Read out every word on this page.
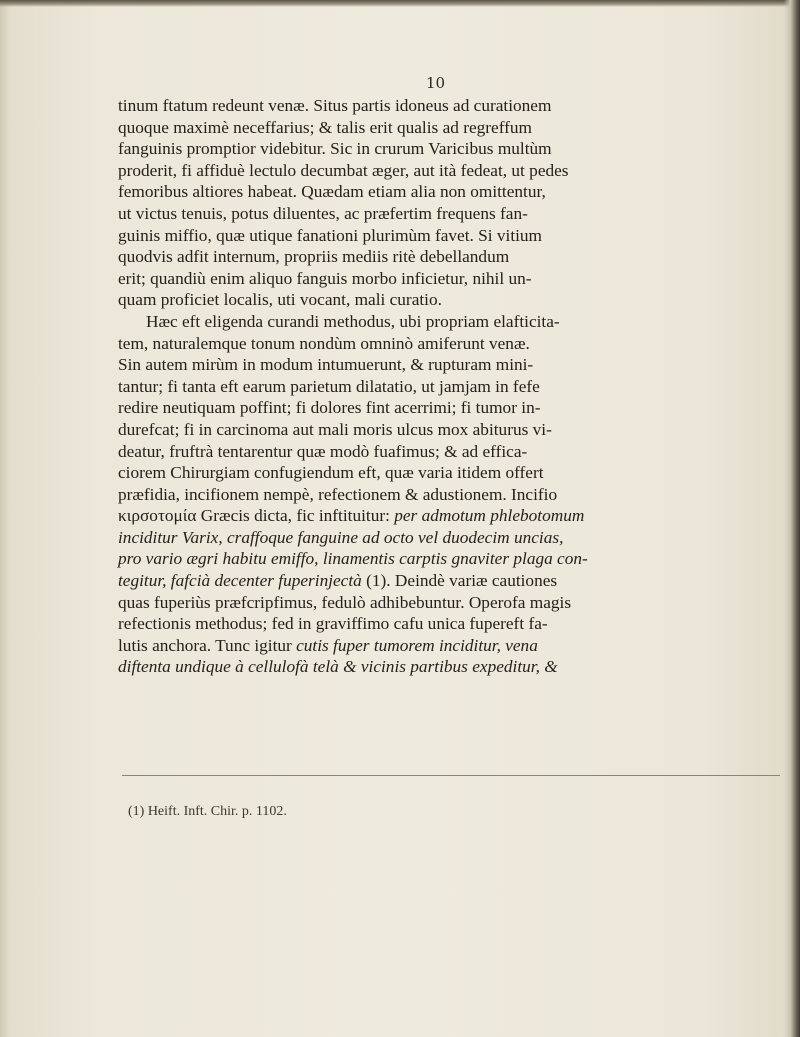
10
tinum ftatum redeunt venæ. Situs partis idoneus ad curationem
quoque maximè neceffarius; & talis erit qualis ad regreffum
fanguinis promptior videbitur. Sic in crurum Varicibus multùm
proderit, fi affiduè lectulo decumbat æger, aut ità fedeat, ut pedes
femoribus altiores habeat. Quædam etiam alia non omittentur,
ut victus tenuis, potus diluentes, ac præfertim frequens fan-
guinis miffio, quæ utique fanationi plurimùm favet. Si vitium
quodvis adfit internum, propriis mediis ritè debellandum
erit; quandiù enim aliquo fanguis morbo inficietur, nihil un-
quam proficiet localis, uti vocant, mali curatio.
Hæc eft eligenda curandi methodus, ubi propriam elafticita-
tem, naturalemque tonum nondùm omninò amiferunt venæ.
Sin autem mirùm in modum intumuerunt, & rupturam mini-
tantur; fi tanta eft earum parietum dilatatio, ut jamjam in fefe
redire neutiquam poffint; fi dolores fint acerrimi; fi tumor in-
durefcat; fi in carcinoma aut mali moris ulcus mox abiturus vi-
deatur, fruftrà tentarentur quæ modò fuafimus; & ad effica-
ciorem Chirurgiam confugiendum eft, quæ varia itidem offert
præfidia, incifionem nempè, refectionem & adustionem. Incifio
κιρσοτομία Græcis dicta, fic inftituitur: per admotum phlebotomum
inciditur Varix, craffoque fanguine ad octo vel duodecim uncias,
pro vario ægri habitu emiffo, linamentis carptis gnaviter plaga con-
tegitur, fafcià decenter fuperinjectà (1). Deindè variæ cautiones
quas fuperiùs præfcripfimus, fedulò adhibebuntur. Operofa magis
refectionis methodus; fed in graviffimo cafu unica fupereft fa-
lutis anchora. Tunc igitur cutis fuper tumorem inciditur, vena
diftenta undique à cellulofà telà & vicinis partibus expeditur, &
(1) Heift. Inft. Chir. p. 1102.
